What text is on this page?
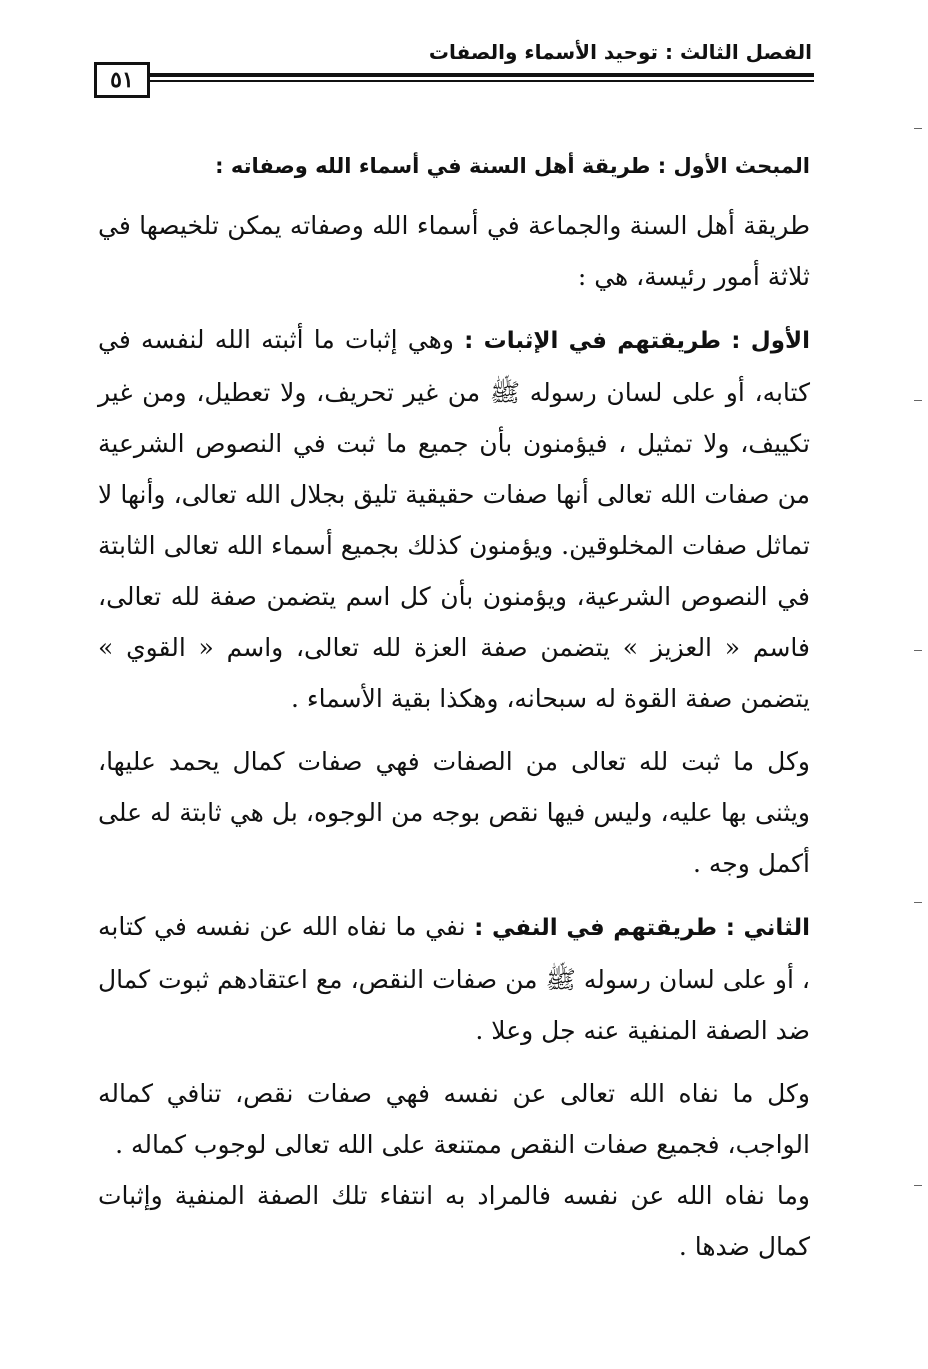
الفصل الثالث : توحيد الأسماء والصفات
٥١
المبحث الأول : طريقة أهل السنة في أسماء الله وصفاته :

طريقة أهل السنة والجماعة في أسماء الله وصفاته يمكن تلخيصها في ثلاثة أمور رئيسة، هي :

الأول : طريقتهم في الإثبات : وهي إثبات ما أثبته الله لنفسه في كتابه، أو على لسان رسوله ﷺ من غير تحريف، ولا تعطيل، ومن غير تكييف، ولا تمثيل ، فيؤمنون بأن جميع ما ثبت في النصوص الشرعية من صفات الله تعالى أنها صفات حقيقية تليق بجلال الله تعالى، وأنها لا تماثل صفات المخلوقين. ويؤمنون كذلك بجميع أسماء الله تعالى الثابتة في النصوص الشرعية، ويؤمنون بأن كل اسم يتضمن صفة لله تعالى، فاسم « العزيز » يتضمن صفة العزة لله تعالى، واسم « القوي » يتضمن صفة القوة له سبحانه، وهكذا بقية الأسماء .

وكل ما ثبت لله تعالى من الصفات فهي صفات كمال يحمد عليها، ويثنى بها عليه، وليس فيها نقص بوجه من الوجوه، بل هي ثابتة له على أكمل وجه .

الثاني : طريقتهم في النفي : نفي ما نفاه الله عن نفسه في كتابه ، أو على لسان رسوله ﷺ من صفات النقص، مع اعتقادهم ثبوت كمال ضد الصفة المنفية عنه جل وعلا .

وكل ما نفاه الله تعالى عن نفسه فهي صفات نقص، تنافي كماله الواجب، فجميع صفات النقص ممتنعة على الله تعالى لوجوب كماله .

وما نفاه الله عن نفسه فالمراد به انتفاء تلك الصفة المنفية وإثبات كمال ضدها .
